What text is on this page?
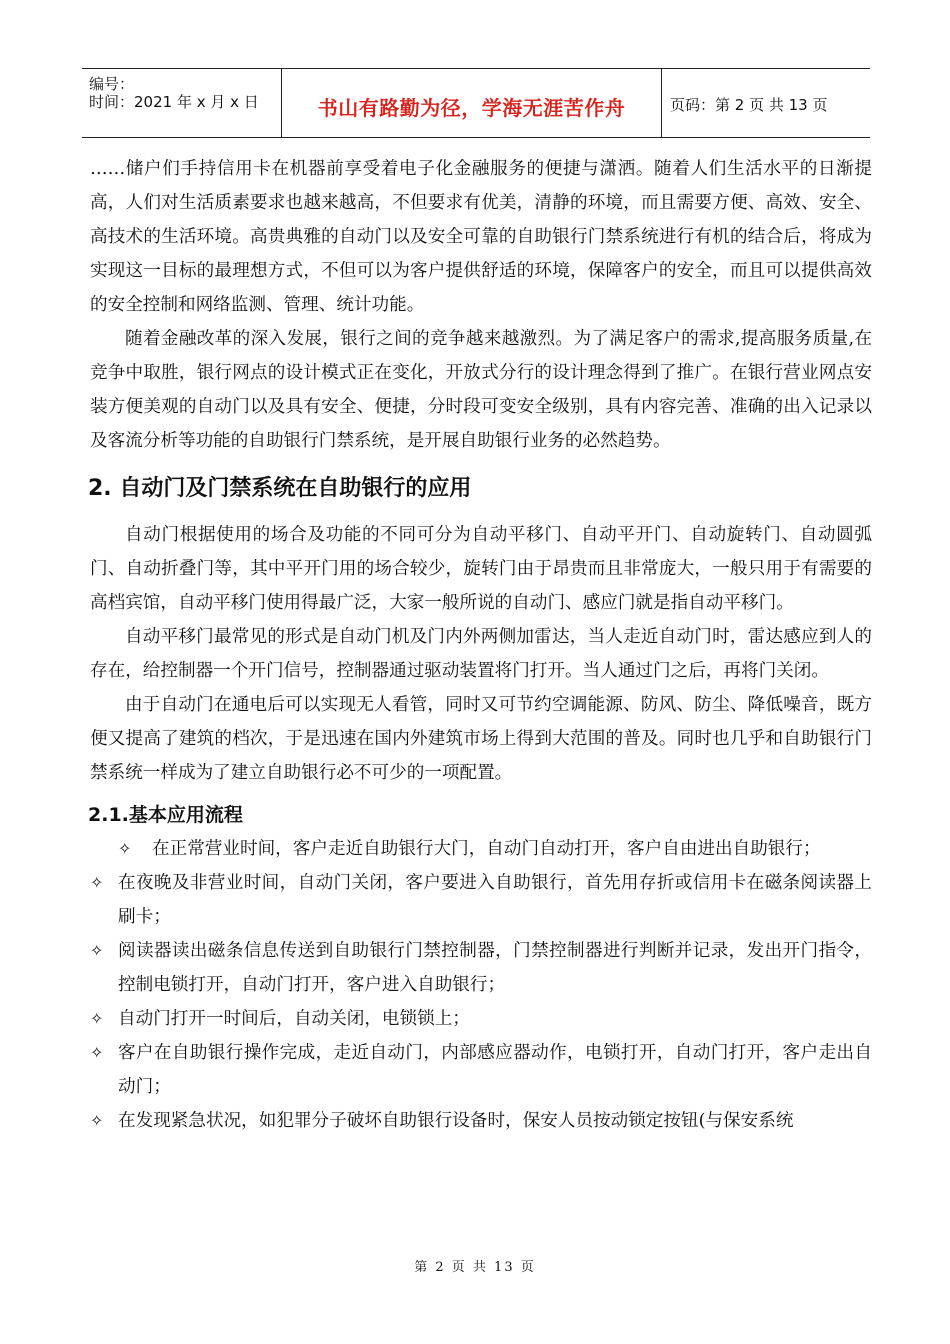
编号：
时间：2021 年 x 月 x 日	书山有路勤为径，学海无涯苦作舟	页码：第 2 页 共 13 页

……储户们手持信用卡在机器前享受着电子化金融服务的便捷与潇洒。随着人们生活水平的日渐提高，人们对生活质素要求也越来越高，不但要求有优美，清静的环境，而且需要方便、高效、安全、高技术的生活环境。高贵典雅的自动门以及安全可靠的自助银行门禁系统进行有机的结合后，将成为实现这一目标的最理想方式，不但可以为客户提供舒适的环境，保障客户的安全，而且可以提供高效的安全控制和网络监测、管理、统计功能。

随着金融改革的深入发展，银行之间的竞争越来越激烈。为了满足客户的需求,提高服务质量,在竞争中取胜，银行网点的设计模式正在变化，开放式分行的设计理念得到了推广。在银行营业网点安装方便美观的自动门以及具有安全、便捷，分时段可变安全级别，具有内容完善、准确的出入记录以及客流分析等功能的自助银行门禁系统，是开展自助银行业务的必然趋势。

2. 自动门及门禁系统在自助银行的应用

自动门根据使用的场合及功能的不同可分为自动平移门、自动平开门、自动旋转门、自动圆弧门、自动折叠门等，其中平开门用的场合较少，旋转门由于昂贵而且非常庞大，一般只用于有需要的高档宾馆，自动平移门使用得最广泛，大家一般所说的自动门、感应门就是指自动平移门。

自动平移门最常见的形式是自动门机及门内外两侧加雷达，当人走近自动门时，雷达感应到人的存在，给控制器一个开门信号，控制器通过驱动装置将门打开。当人通过门之后，再将门关闭。

由于自动门在通电后可以实现无人看管，同时又可节约空调能源、防风、防尘、降低噪音，既方便又提高了建筑的档次，于是迅速在国内外建筑市场上得到大范围的普及。同时也几乎和自助银行门禁系统一样成为了建立自助银行必不可少的一项配置。

2.1.基本应用流程
✧ 在正常营业时间，客户走近自助银行大门，自动门自动打开，客户自由进出自助银行；
✧ 在夜晚及非营业时间，自动门关闭，客户要进入自助银行，首先用存折或信用卡在磁条阅读器上刷卡；
✧ 阅读器读出磁条信息传送到自助银行门禁控制器，门禁控制器进行判断并记录，发出开门指令，控制电锁打开，自动门打开，客户进入自助银行；
✧ 自动门打开一时间后，自动关闭，电锁锁上；
✧ 客户在自助银行操作完成，走近自动门，内部感应器动作，电锁打开，自动门打开，客户走出自动门；
✧ 在发现紧急状况，如犯罪分子破坏自助银行设备时，保安人员按动锁定按钮(与保安系统
第 2 页 共 13 页
